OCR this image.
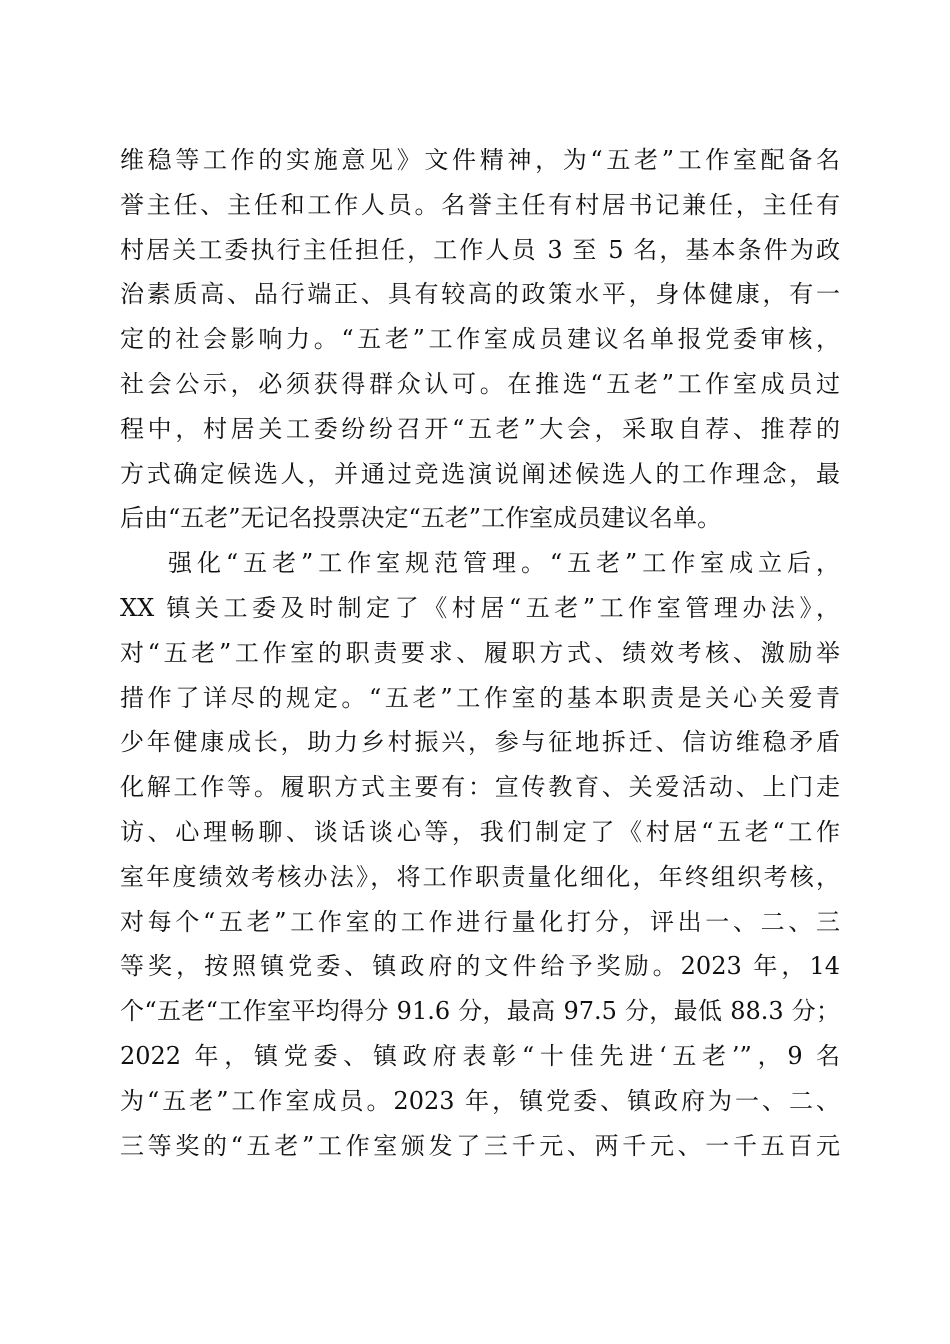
维稳等工作的实施意见》文件精神，为“五老”工作室配备名
誉主任、主任和工作人员。名誉主任有村居书记兼任，主任有
村居关工委执行主任担任，工作人员 3 至 5 名，基本条件为政
治素质高、品行端正、具有较高的政策水平，身体健康，有一
定的社会影响力。“五老”工作室成员建议名单报党委审核，
社会公示，必须获得群众认可。在推选“五老”工作室成员过
程中，村居关工委纷纷召开“五老”大会，采取自荐、推荐的
方式确定候选人，并通过竞选演说阐述候选人的工作理念，最
后由“五老”无记名投票决定“五老”工作室成员建议名单。
强化“五老”工作室规范管理。“五老”工作室成立后，
XX 镇关工委及时制定了《村居“五老”工作室管理办法》，
对“五老”工作室的职责要求、履职方式、绩效考核、激励举
措作了详尽的规定。“五老”工作室的基本职责是关心关爱青
少年健康成长，助力乡村振兴，参与征地拆迁、信访维稳矛盾
化解工作等。履职方式主要有：宣传教育、关爱活动、上门走
访、心理畅聊、谈话谈心等，我们制定了《村居“五老“工作
室年度绩效考核办法》，将工作职责量化细化，年终组织考核，
对每个“五老”工作室的工作进行量化打分，评出一、二、三
等奖，按照镇党委、镇政府的文件给予奖励。2023 年，14
个“五老“工作室平均得分 91.6 分，最高 97.5 分，最低 88.3 分；
2022 年，镇党委、镇政府表彰“十佳先进‘五老’”，9 名
为“五老”工作室成员。2023 年，镇党委、镇政府为一、二、
三等奖的“五老”工作室颁发了三千元、两千元、一千五百元
